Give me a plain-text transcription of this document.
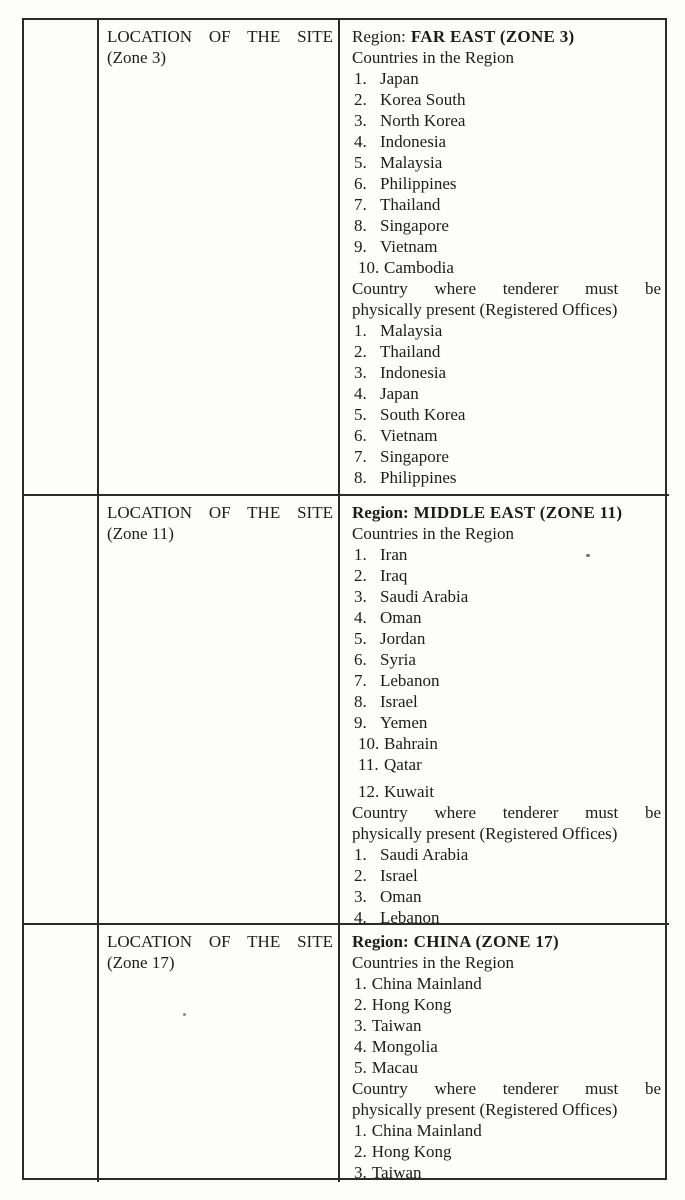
LOCATION OF THE SITE
(Zone 3)
Region: FAR EAST (ZONE 3)
Countries in the Region
Japan
Korea South
North Korea
Indonesia
Malaysia
Philippines
Thailand
Singapore
Vietnam
Cambodia
Country where tenderer must be
physically present (Registered Offices)
Malaysia
Thailand
Indonesia
Japan
South Korea
Vietnam
Singapore
Philippines
LOCATION OF THE SITE
(Zone 11)
Region: MIDDLE EAST (ZONE 11)
Countries in the Region
Iran
Iraq
Saudi Arabia
Oman
Jordan
Syria
Lebanon
Israel
Yemen
Bahrain
Qatar
Kuwait
Country where tenderer must be
physically present (Registered Offices)
Saudi Arabia
Israel
Oman
Lebanon
LOCATION OF THE SITE
(Zone 17)
Region: CHINA (ZONE 17)
Countries in the Region
China Mainland
Hong Kong
Taiwan
Mongolia
Macau
Country where tenderer must be
physically present (Registered Offices)
China Mainland
Hong Kong
Taiwan
